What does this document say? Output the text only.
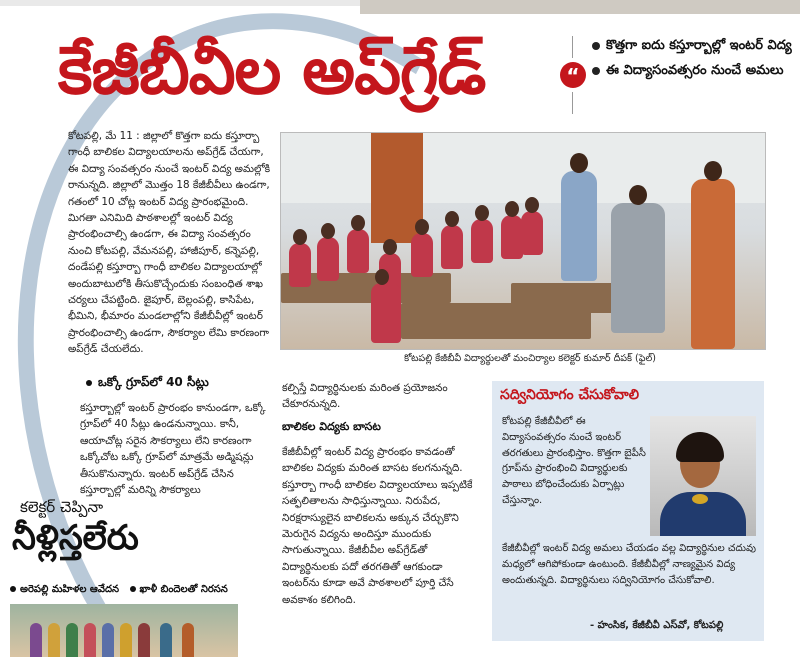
కేజీబీవీల అప్‌గ్రేడ్‌	“
కొత్తగా ఐదు కస్తూర్బాల్లో ఇంటర్‌ విద్య
ఈ విద్యాసంవత్సరం నుంచే అమలు
కోటపల్లి, మే 11 : జిల్లాలో కొత్తగా ఐదు కస్తూర్బా గాంధీ బాలికల విద్యాలయాలను అప్‌గ్రేడ్‌ చేయగా, ఈ విద్యా సంవత్సరం నుంచే ఇంటర్‌ విద్య అమల్లోకి రానున్నది. జిల్లాలో మొత్తం 18 కేజీబీవీలు ఉండగా, గతంలో 10 చోట్ల ఇంటర్‌ విద్య ప్రారంభమైంది. మిగతా ఎనిమిది పాఠశాలల్లో ఇంటర్‌ విద్య ప్రారంభించాల్సి ఉండగా, ఈ విద్యా సంవత్సరం నుంచి కోటపల్లి, వేమనపల్లి, హాజీపూర్‌, కన్నెపల్లి, దండేపల్లి కస్తూర్బా గాంధీ బాలికల విద్యాలయాల్లో అందుబాటులోకి తీసుకొచ్చేందుకు సంబంధిత శాఖ చర్యలు చేపట్టింది. జైపూర్‌, బెల్లంపల్లి, కాసిపేట, భీమిని, భీమారం మండలాల్లోని కేజీబీవీల్లో ఇంటర్‌ ప్రారంభించాల్సి ఉండగా, సౌకర్యాల లేమి కారణంగా అప్‌గ్రేడ్‌ చేయలేదు.
కోటపల్లి కేజీబీవీ విద్యార్థులతో మంచిర్యాల కలెక్టర్‌ కుమార్‌ దీపక్‌ (ఫైల్‌)
ఒక్కో గ్రూప్‌లో 40 సీట్లు
కస్తూర్బాల్లో ఇంటర్‌ ప్రారంభం కానుండగా, ఒక్కో గ్రూప్‌లో 40 సీట్లు ఉండనున్నాయి. కానీ, ఆయాచోట్ల సరైన సౌకర్యాలు లేని కారణంగా ఒక్కోచోట ఒక్కో గ్రూప్‌లో మాత్రమే అడ్మిషన్లు తీసుకొనున్నారు. ఇంటర్‌ అప్‌గ్రేడ్‌ చేసిన కస్తూర్బాల్లో మరిన్ని సౌకర్యాలు
కల్పిస్తే విద్యార్థినులకు మరింత ప్రయోజనం చేకూరనున్నది.
బాలికల విద్యకు బాసట
కేజీబీవీల్లో ఇంటర్‌ విద్య ప్రారంభం కావడంతో బాలికల విద్యకు మరింత బాసట కలగనున్నది. కస్తూర్బా గాంధీ బాలికల విద్యాలయాలు ఇప్పటికే సత్ఫలితాలను సాధిస్తున్నాయి. నిరుపేద, నిరక్షరాస్యులైన బాలికలను అక్కున చేర్చుకొని మెరుగైన విద్యను అందిస్తూ ముందుకు సాగుతున్నాయి. కేజీబీవీల అప్‌గ్రేడ్‌తో విద్యార్థినులకు పదో తరగతితో ఆగకుండా ఇంటర్‌ను కూడా అవే పాఠశాలలో పూర్తి చేసే అవకాశం కలిగింది.
సద్వినియోగం చేసుకోవాలి
కోటపల్లి కేజీబీవీలో ఈ విద్యాసంవత్సరం నుంచే ఇంటర్‌ తరగతులు ప్రారంభిస్తాం. కొత్తగా బైపీసీ గ్రూప్‌ను ప్రారంభించి విద్యార్థులకు పాఠాలు బోధించేందుకు ఏర్పాట్లు చేస్తున్నాం.
కేజీబీవీల్లో ఇంటర్‌ విద్య అమలు చేయడం వల్ల విద్యార్థినుల చదువు మధ్యలో ఆగిపోకుండా ఉంటుంది. కేజీబీవీల్లో నాణ్యమైన విద్య అందుతున్నది. విద్యార్థినులు సద్వినియోగం చేసుకోవాలి.
- హంసిక, కేజీబీవీ ఎస్‌వో, కోటపల్లి
కలెక్టర్‌ చెప్పినా
నీళ్లిస్తలేరు
అరెపల్లి మహిళల ఆవేదన ఖాళీ బిందెలతో నిరసన
